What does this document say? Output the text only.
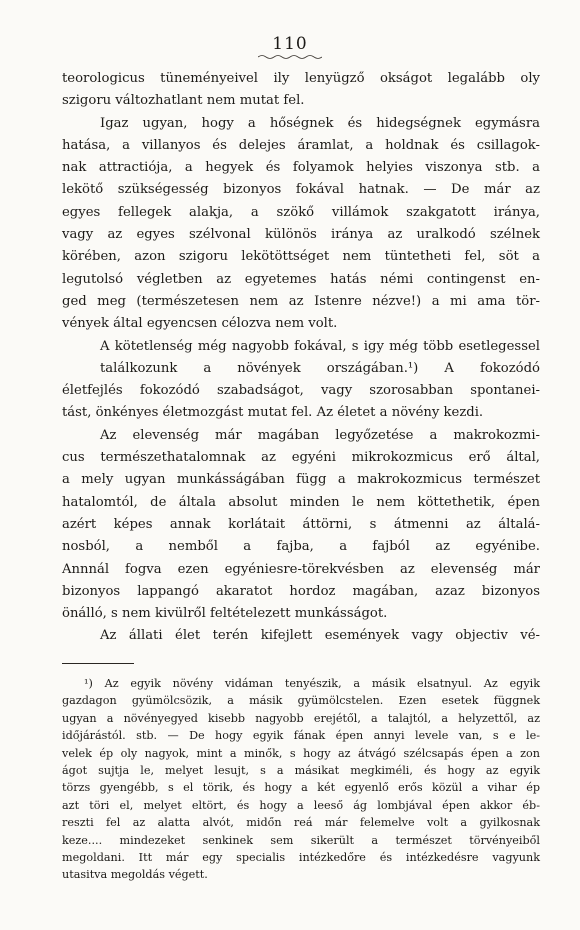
110
teorologicus tüneményeivel ily lenyügző okságot legalább oly
szigoru változhatlant nem mutat fel.
Igaz ugyan, hogy a hőségnek és hidegségnek egymásra
hatása, a villanyos és delejes áramlat, a holdnak és csillagok-
nak attractiója, a hegyek és folyamok helyies viszonya stb. a
lekötő szükségesség bizonyos fokával hatnak. — De már az
egyes fellegek alakja, a szökő villámok szakgatott iránya,
vagy az egyes szélvonal különös iránya az uralkodó szélnek
körében, azon szigoru lekötöttséget nem tüntetheti fel, söt a
legutolsó végletben az egyetemes hatás némi contingenst en-
ged meg (természetesen nem az Istenre nézve!) a mi ama tör-
vények által egyencsen célozva nem volt.
A kötetlenség még nagyobb fokával, s igy még több esetlegessel találkozunk a növények országában.¹) A fokozódó
életfejlés fokozódó szabadságot, vagy szorosabban spontanei-
tást, önkényes életmozgást mutat fel. Az életet a növény kezdi.
Az elevenség már magában legyőzetése a makrokozmi-
cus természethatalomnak az egyéni mikrokozmicus erő által,
a mely ugyan munkásságában függ a makrokozmicus természet
hatalomtól, de általa absolut minden le nem köttethetik, épen
azért képes annak korlátait áttörni, s átmenni az általá-
nosból, a nemből a fajba, a fajból az egyénibe.
Annnál fogva ezen egyéniesre-törekvésben az elevenség már
bizonyos lappangó akaratot hordoz magában, azaz bizonyos
önálló, s nem kivülről feltételezett munkásságot.
Az állati élet terén kifejlett események vagy objectiv vé-
¹) Az egyik növény vidáman tenyészik, a másik elsatnyul. Az egyik
gazdagon gyümölcsözik, a másik gyümölcstelen. Ezen esetek függnek
ugyan a növényegyed kisebb nagyobb erejétől, a talajtól, a helyzettől, az
időjárástól. stb. — De hogy egyik fának épen annyi levele van, s e le-
velek ép oly nagyok, mint a minők, s hogy az átvágó szélcsapás épen a zon
ágot sujtja le, melyet lesujt, s a másikat megkiméli, és hogy az egyik
törzs gyengébb, s el törik, és hogy a két egyenlő erős közül a vihar ép
azt töri el, melyet eltört, és hogy a leeső ág lombjával épen akkor éb-
reszti fel az alatta alvót, midőn reá már felemelve volt a gyilkosnak
keze.... mindezeket senkinek sem sikerült a természet törvényeiből
megoldani. Itt már egy specialis intézkedőre és intézkedésre vagyunk
utasitva megoldás végett.
